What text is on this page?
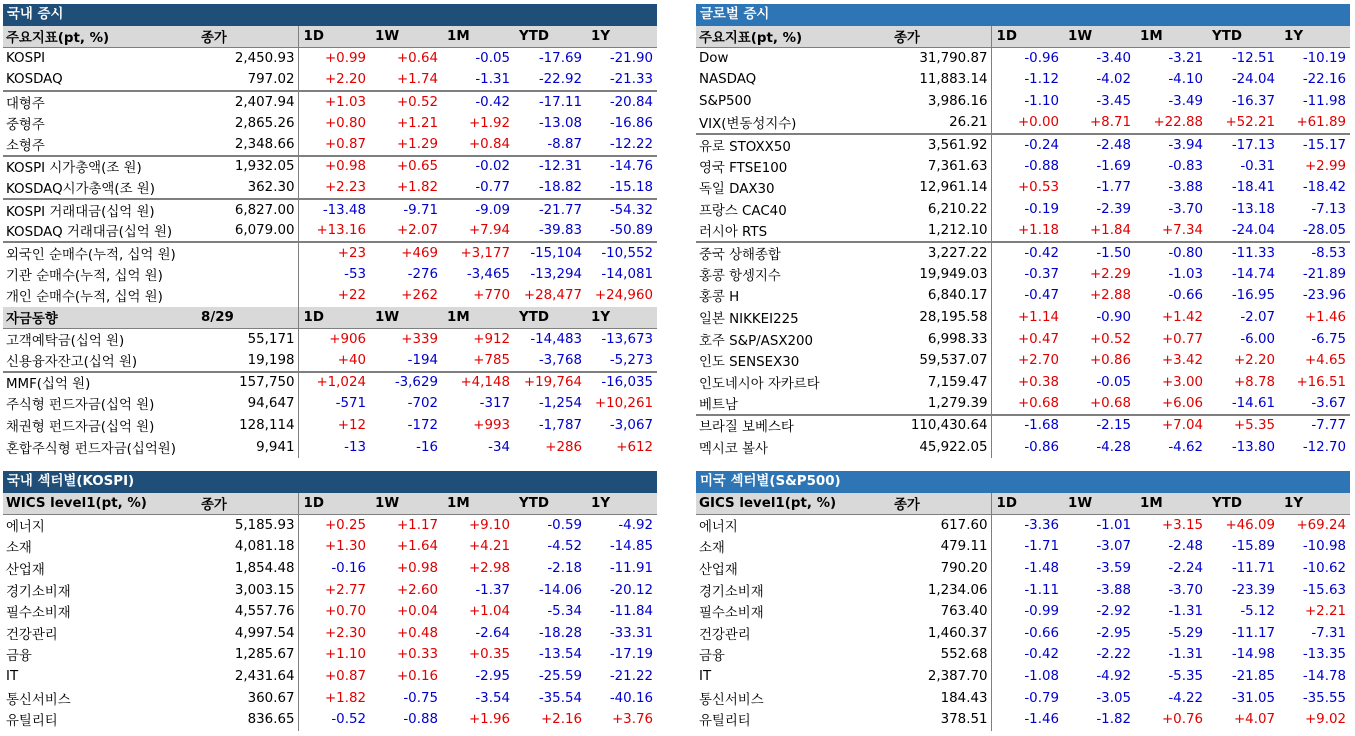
국내 증시
주요지표(pt, %)	종가	1D	1W	1M	YTD	1Y
KOSPI	2,450.93	+0.99	+0.64	-0.05	-17.69	-21.90
KOSDAQ	797.02	+2.20	+1.74	-1.31	-22.92	-21.33
대형주	2,407.94	+1.03	+0.52	-0.42	-17.11	-20.84
중형주	2,865.26	+0.80	+1.21	+1.92	-13.08	-16.86
소형주	2,348.66	+0.87	+1.29	+0.84	-8.87	-12.22
KOSPI 시가총액(조 원)	1,932.05	+0.98	+0.65	-0.02	-12.31	-14.76
KOSDAQ시가총액(조 원)	362.30	+2.23	+1.82	-0.77	-18.82	-15.18
KOSPI 거래대금(십억 원)	6,827.00	-13.48	-9.71	-9.09	-21.77	-54.32
KOSDAQ 거래대금(십억 원)	6,079.00	+13.16	+2.07	+7.94	-39.83	-50.89
외국인 순매수(누적, 십억 원)		+23	+469	+3,177	-15,104	-10,552
기관 순매수(누적, 십억 원)		-53	-276	-3,465	-13,294	-14,081
개인 순매수(누적, 십억 원)		+22	+262	+770	+28,477	+24,960
자금동향	8/29	1D	1W	1M	YTD	1Y
고객예탁금(십억 원)	55,171	+906	+339	+912	-14,483	-13,673
신용융자잔고(십억 원)	19,198	+40	-194	+785	-3,768	-5,273
MMF(십억 원)	157,750	+1,024	-3,629	+4,148	+19,764	-16,035
주식형 펀드자금(십억 원)	94,647	-571	-702	-317	-1,254	+10,261
채권형 펀드자금(십억 원)	128,114	+12	-172	+993	-1,787	-3,067
혼합주식형 펀드자금(십억원)	9,941	-13	-16	-34	+286	+612
글로벌 증시
주요지표(pt, %)	종가	1D	1W	1M	YTD	1Y
Dow	31,790.87	-0.96	-3.40	-3.21	-12.51	-10.19
NASDAQ	11,883.14	-1.12	-4.02	-4.10	-24.04	-22.16
S&P500	3,986.16	-1.10	-3.45	-3.49	-16.37	-11.98
VIX(변동성지수)	26.21	+0.00	+8.71	+22.88	+52.21	+61.89
유로 STOXX50	3,561.92	-0.24	-2.48	-3.94	-17.13	-15.17
영국 FTSE100	7,361.63	-0.88	-1.69	-0.83	-0.31	+2.99
독일 DAX30	12,961.14	+0.53	-1.77	-3.88	-18.41	-18.42
프랑스 CAC40	6,210.22	-0.19	-2.39	-3.70	-13.18	-7.13
러시아 RTS	1,212.10	+1.18	+1.84	+7.34	-24.04	-28.05
중국 상해종합	3,227.22	-0.42	-1.50	-0.80	-11.33	-8.53
홍콩 항셍지수	19,949.03	-0.37	+2.29	-1.03	-14.74	-21.89
홍콩 H	6,840.17	-0.47	+2.88	-0.66	-16.95	-23.96
일본 NIKKEI225	28,195.58	+1.14	-0.90	+1.42	-2.07	+1.46
호주 S&P/ASX200	6,998.33	+0.47	+0.52	+0.77	-6.00	-6.75
인도 SENSEX30	59,537.07	+2.70	+0.86	+3.42	+2.20	+4.65
인도네시아 자카르타	7,159.47	+0.38	-0.05	+3.00	+8.78	+16.51
베트남	1,279.39	+0.68	+0.68	+6.06	-14.61	-3.67
브라질 보베스타	110,430.64	-1.68	-2.15	+7.04	+5.35	-7.77
멕시코 볼사	45,922.05	-0.86	-4.28	-4.62	-13.80	-12.70
국내 섹터별(KOSPI)
WICS level1(pt, %)	종가	1D	1W	1M	YTD	1Y
에너지	5,185.93	+0.25	+1.17	+9.10	-0.59	-4.92
소재	4,081.18	+1.30	+1.64	+4.21	-4.52	-14.85
산업재	1,854.48	-0.16	+0.98	+2.98	-2.18	-11.91
경기소비재	3,003.15	+2.77	+2.60	-1.37	-14.06	-20.12
필수소비재	4,557.76	+0.70	+0.04	+1.04	-5.34	-11.84
건강관리	4,997.54	+2.30	+0.48	-2.64	-18.28	-33.31
금융	1,285.67	+1.10	+0.33	+0.35	-13.54	-17.19
IT	2,431.64	+0.87	+0.16	-2.95	-25.59	-21.22
통신서비스	360.67	+1.82	-0.75	-3.54	-35.54	-40.16
유틸리티	836.65	-0.52	-0.88	+1.96	+2.16	+3.76
미국 섹터별(S&P500)
GICS level1(pt, %)	종가	1D	1W	1M	YTD	1Y
에너지	617.60	-3.36	-1.01	+3.15	+46.09	+69.24
소재	479.11	-1.71	-3.07	-2.48	-15.89	-10.98
산업재	790.20	-1.48	-3.59	-2.24	-11.71	-10.62
경기소비재	1,234.06	-1.11	-3.88	-3.70	-23.39	-15.63
필수소비재	763.40	-0.99	-2.92	-1.31	-5.12	+2.21
건강관리	1,460.37	-0.66	-2.95	-5.29	-11.17	-7.31
금융	552.68	-0.42	-2.22	-1.31	-14.98	-13.35
IT	2,387.70	-1.08	-4.92	-5.35	-21.85	-14.78
통신서비스	184.43	-0.79	-3.05	-4.22	-31.05	-35.55
유틸리티	378.51	-1.46	-1.82	+0.76	+4.07	+9.02
